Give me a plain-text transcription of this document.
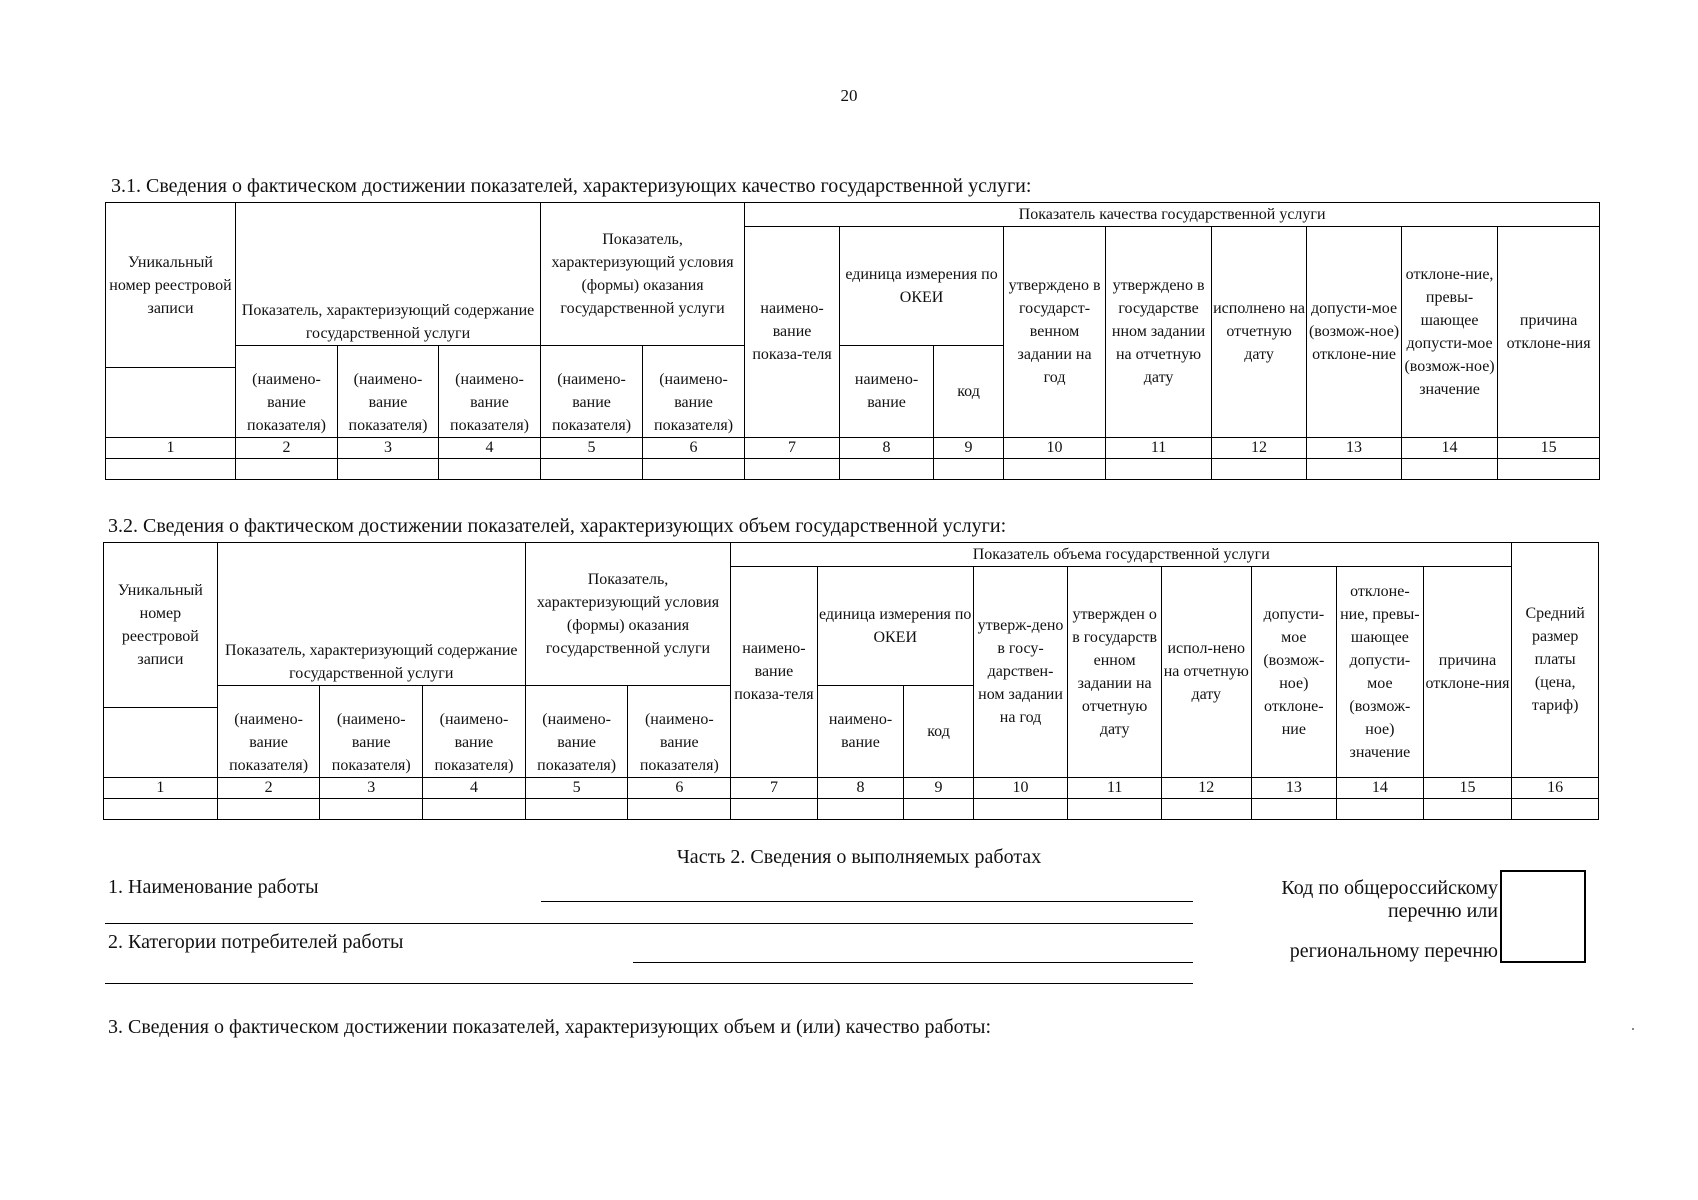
20
3.1. Сведения о фактическом достижении показателей, характеризующих качество государственной услуги:
Уникальный номер реестровой записи	Показатель, характеризующий содержание государственной услуги			Показатель, характеризующий условия (формы) оказания государственной услуги		Показатель качества государственной услуги								
						наимено-вание показа-теля	единица измерения по ОКЕИ		утверждено в государст-венном задании на год	утверждено в государстве нном задании на отчетную дату	исполнено на отчетную дату	допусти-мое (возмож-ное) отклоне-ние	отклоне-ние, превы-шающее допусти-мое (возмож-ное) значение	причина отклоне-ния
							наимено-вание	код						
	(наимено-вание показателя)	(наимено-вание показателя)	(наимено-вание показателя)	(наимено-вание показателя)	(наимено-вание показателя)									
1	2	3	4	5	6	7	8	9	10	11	12	13	14	15

3.2. Сведения о фактическом достижении показателей, характеризующих объем государственной услуги:
Уникальный номер реестровой записи	Показатель, характеризующий содержание государственной услуги			Показатель, характеризующий условия (формы) оказания государственной услуги		Показатель объема государственной услуги									Средний размер платы (цена, тариф)
						наимено-вание показа-теля	единица измерения по ОКЕИ		утверж-дено в госу-дарствен-ном задании на год	утвержден о в государств енном задании на отчетную дату	испол-нено на отчетную дату	допусти-мое (возмож-ное) отклоне-ние	отклоне-ние, превы-шающее допусти-мое (возмож-ное) значение	причина отклоне-ния	
							наимено-вание	код							
	(наимено-вание показателя)	(наимено-вание показателя)	(наимено-вание показателя)	(наимено-вание показателя)	(наимено-вание показателя)										
1	2	3	4	5	6	7	8	9	10	11	12	13	14	15	16

Часть 2. Сведения о выполняемых работах
1. Наименование работы
2. Категории потребителей работы
Код по общероссийскому
перечню или
региональному перечню
3. Сведения о фактическом достижении показателей, характеризующих объем и (или) качество работы:
